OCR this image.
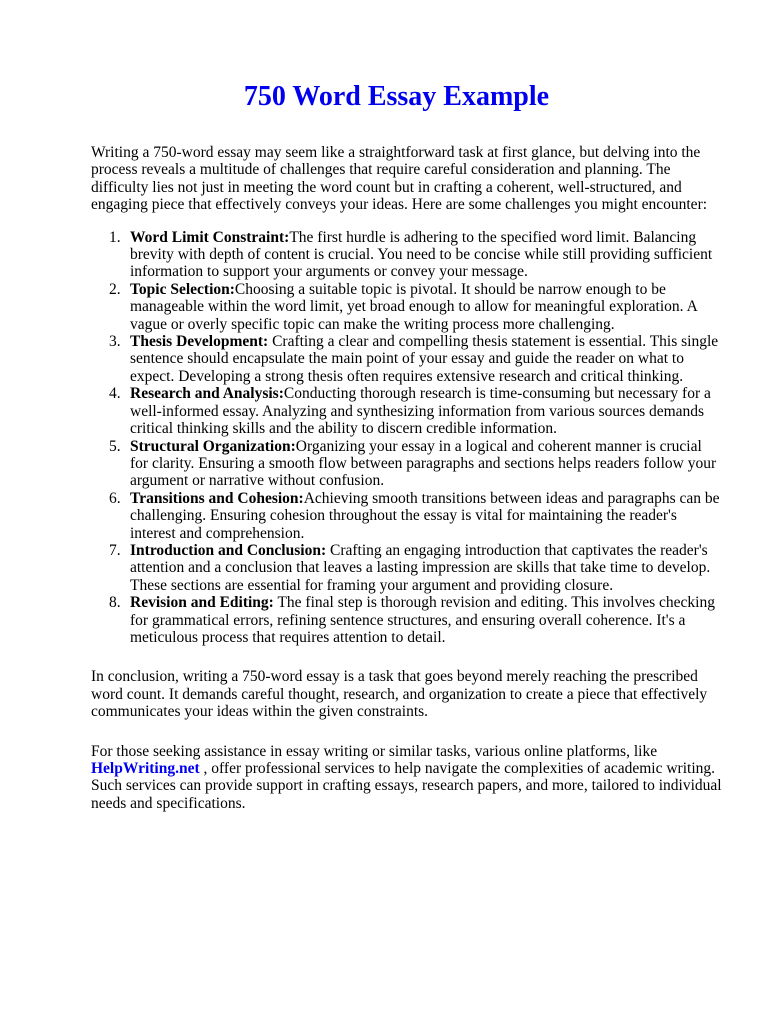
750 Word Essay Example

Writing a 750-word essay may seem like a straightforward task at first glance, but delving into the process reveals a multitude of challenges that require careful consideration and planning. The difficulty lies not just in meeting the word count but in crafting a coherent, well-structured, and engaging piece that effectively conveys your ideas. Here are some challenges you might encounter:

1. Word Limit Constraint:The first hurdle is adhering to the specified word limit. Balancing brevity with depth of content is crucial. You need to be concise while still providing sufficient information to support your arguments or convey your message.
2. Topic Selection:Choosing a suitable topic is pivotal. It should be narrow enough to be manageable within the word limit, yet broad enough to allow for meaningful exploration. A vague or overly specific topic can make the writing process more challenging.
3. Thesis Development: Crafting a clear and compelling thesis statement is essential. This single sentence should encapsulate the main point of your essay and guide the reader on what to expect. Developing a strong thesis often requires extensive research and critical thinking.
4. Research and Analysis:Conducting thorough research is time-consuming but necessary for a well-informed essay. Analyzing and synthesizing information from various sources demands critical thinking skills and the ability to discern credible information.
5. Structural Organization:Organizing your essay in a logical and coherent manner is crucial for clarity. Ensuring a smooth flow between paragraphs and sections helps readers follow your argument or narrative without confusion.
6. Transitions and Cohesion:Achieving smooth transitions between ideas and paragraphs can be challenging. Ensuring cohesion throughout the essay is vital for maintaining the reader's interest and comprehension.
7. Introduction and Conclusion: Crafting an engaging introduction that captivates the reader's attention and a conclusion that leaves a lasting impression are skills that take time to develop. These sections are essential for framing your argument and providing closure.
8. Revision and Editing: The final step is thorough revision and editing. This involves checking for grammatical errors, refining sentence structures, and ensuring overall coherence. It's a meticulous process that requires attention to detail.

In conclusion, writing a 750-word essay is a task that goes beyond merely reaching the prescribed word count. It demands careful thought, research, and organization to create a piece that effectively communicates your ideas within the given constraints.

For those seeking assistance in essay writing or similar tasks, various online platforms, like HelpWriting.net , offer professional services to help navigate the complexities of academic writing. Such services can provide support in crafting essays, research papers, and more, tailored to individual needs and specifications.
